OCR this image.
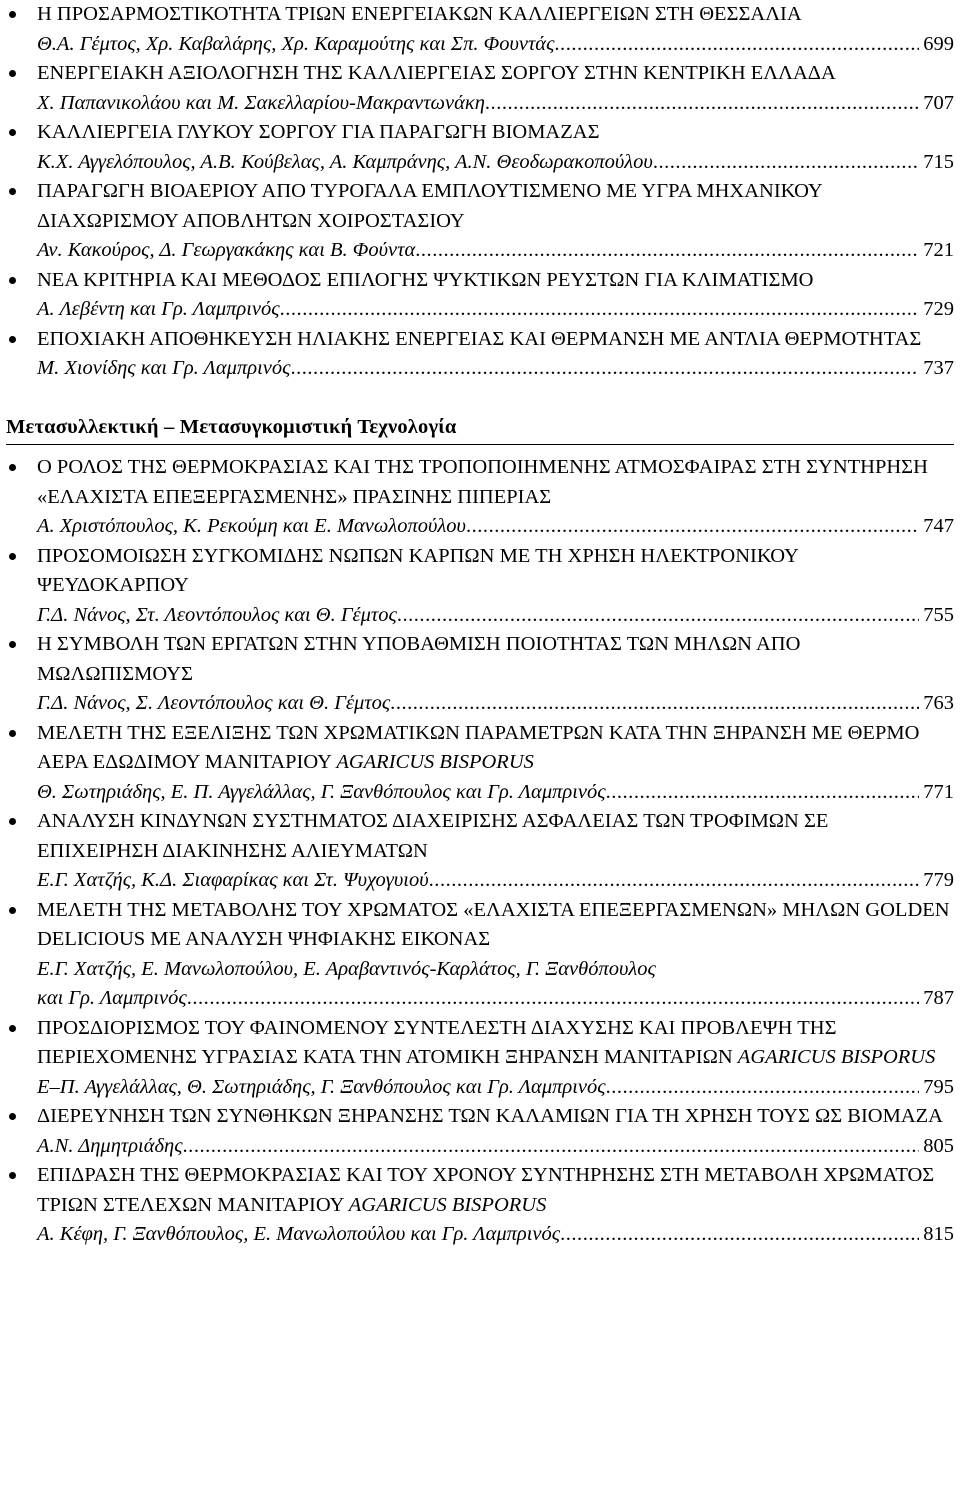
Η ΠΡΟΣΑΡΜΟΣΤΙΚΟΤΗΤΑ ΤΡΙΩΝ ΕΝΕΡΓΕΙΑΚΩΝ ΚΑΛΛΙΕΡΓΕΙΩΝ ΣΤΗ ΘΕΣΣΑΛΙΑ
Θ.Α. Γέμτος, Χρ. Καβαλάρης, Χρ. Καραμούτης και Σπ. Φουντάς . . .	699
ΕΝΕΡΓΕΙΑΚΗ ΑΞΙΟΛΟΓΗΣΗ ΤΗΣ ΚΑΛΛΙΕΡΓΕΙΑΣ ΣΟΡΓΟΥ ΣΤΗΝ ΚΕΝΤΡΙΚΗ ΕΛΛΑΔΑ
Χ. Παπανικολάου και Μ. Σακελλαρίου-Μακραντωνάκη . . .	707
ΚΑΛΛΙΕΡΓΕΙΑ ΓΛΥΚΟΥ ΣΟΡΓΟΥ ΓΙΑ ΠΑΡΑΓΩΓΗ ΒΙΟΜΑΖΑΣ
Κ.Χ. Αγγελόπουλος, Α.Β. Κούβελας, Α. Καμπράνης, Α.Ν. Θεοδωρακοπούλου . . .	715
ΠΑΡΑΓΩΓΗ ΒΙΟΑΕΡΙΟΥ ΑΠΟ ΤΥΡΟΓΑΛΑ ΕΜΠΛΟΥΤΙΣΜΕΝΟ ΜΕ ΥΓΡΑ ΜΗΧΑΝΙΚΟΥ ΔΙΑΧΩΡΙΣΜΟΥ ΑΠΟΒΛΗΤΩΝ ΧΟΙΡΟΣΤΑΣΙΟΥ
Αν. Κακούρος, Δ. Γεωργακάκης και Β. Φούντα . . .	721
ΝΕΑ ΚΡΙΤΗΡΙΑ ΚΑΙ ΜΕΘΟΔΟΣ ΕΠΙΛΟΓΗΣ ΨΥΚΤΙΚΩΝ ΡΕΥΣΤΩΝ ΓΙΑ ΚΛΙΜΑΤΙΣΜΟ
Α. Λεβέντη και Γρ. Λαμπρινός . . .	729
ΕΠΟΧΙΑΚΗ ΑΠΟΘΗΚΕΥΣΗ ΗΛΙΑΚΗΣ ΕΝΕΡΓΕΙΑΣ ΚΑΙ ΘΕΡΜΑΝΣΗ ΜΕ ΑΝΤΛΙΑ ΘΕΡΜΟΤΗΤΑΣ
Μ. Χιονίδης και Γρ. Λαμπρινός . . .	737
Μετασυλλεκτική – Μετασυγκομιστική Τεχνολογία
Ο ΡΟΛΟΣ ΤΗΣ ΘΕΡΜΟΚΡΑΣΙΑΣ ΚΑΙ ΤΗΣ ΤΡΟΠΟΠΟΙΗΜΕΝΗΣ ΑΤΜΟΣΦΑΙΡΑΣ ΣΤΗ ΣΥΝΤΗΡΗΣΗ «ΕΛΑΧΙΣΤΑ ΕΠΕΞΕΡΓΑΣΜΕΝΗΣ» ΠΡΑΣΙΝΗΣ ΠΙΠΕΡΙΑΣ
Α. Χριστόπουλος, Κ. Ρεκούμη και Ε. Μανωλοπούλου . . .	747
ΠΡΟΣΟΜΟΙΩΣΗ ΣΥΓΚΟΜΙΔΗΣ ΝΩΠΩΝ ΚΑΡΠΩΝ ΜΕ ΤΗ ΧΡΗΣΗ ΗΛΕΚΤΡΟΝΙΚΟΥ ΨΕΥΔΟΚΑΡΠΟΥ
Γ.Δ. Νάνος, Στ. Λεοντόπουλος και Θ. Γέμτος . . .	755
Η ΣΥΜΒΟΛΗ ΤΩΝ ΕΡΓΑΤΩΝ ΣΤΗΝ ΥΠΟΒΑΘΜΙΣΗ ΠΟΙΟΤΗΤΑΣ ΤΩΝ ΜΗΛΩΝ ΑΠΟ ΜΩΛΩΠΙΣΜΟΥΣ
Γ.Δ. Νάνος, Σ. Λεοντόπουλος και Θ. Γέμτος . . .	763
ΜΕΛΕΤΗ ΤΗΣ ΕΞΕΛΙΞΗΣ ΤΩΝ ΧΡΩΜΑΤΙΚΩΝ ΠΑΡΑΜΕΤΡΩΝ ΚΑΤΑ ΤΗΝ ΞΗΡΑΝΣΗ ΜΕ ΘΕΡΜΟ ΑΕΡΑ ΕΔΩΔΙΜΟΥ ΜΑΝΙΤΑΡΙΟΥ AGARICUS BISPORUS
Θ. Σωτηριάδης, Ε. Π. Αγγελάλλας, Γ. Ξανθόπουλος και Γρ. Λαμπρινός . . .	771
ΑΝΑΛΥΣΗ ΚΙΝΔΥΝΩΝ ΣΥΣΤΗΜΑΤΟΣ ΔΙΑΧΕΙΡΙΣΗΣ ΑΣΦΑΛΕΙΑΣ ΤΩΝ ΤΡΟΦΙΜΩΝ ΣΕ ΕΠΙΧΕΙΡΗΣΗ ΔΙΑΚΙΝΗΣΗΣ ΑΛΙΕΥΜΑΤΩΝ
Ε.Γ. Χατζής, Κ.Δ. Σιαφαρίκας και Στ. Ψυχογυιού . . .	779
ΜΕΛΕΤΗ ΤΗΣ ΜΕΤΑΒΟΛΗΣ ΤΟΥ ΧΡΩΜΑΤΟΣ «ΕΛΑΧΙΣΤΑ ΕΠΕΞΕΡΓΑΣΜΕΝΩΝ» ΜΗΛΩΝ GOLDEN DELICIOUS ΜΕ ΑΝΑΛΥΣΗ ΨΗΦΙΑΚΗΣ ΕΙΚΟΝΑΣ
Ε.Γ. Χατζής, Ε. Μανωλοπούλου, Ε. Αραβαντινός-Καρλάτος, Γ. Ξανθόπουλος
και Γρ. Λαμπρινός . . .	787
ΠΡΟΣΔΙΟΡΙΣΜΟΣ ΤΟΥ ΦΑΙΝΟΜΕΝΟΥ ΣΥΝΤΕΛΕΣΤΗ ΔΙΑΧΥΣΗΣ ΚΑΙ ΠΡΟΒΛΕΨΗ ΤΗΣ ΠΕΡΙΕΧΟΜΕΝΗΣ ΥΓΡΑΣΙΑΣ ΚΑΤΑ ΤΗΝ ΑΤΟΜΙΚΗ ΞΗΡΑΝΣΗ ΜΑΝΙΤΑΡΙΩΝ AGARICUS BISPORUS
Ε–Π. Αγγελάλλας, Θ. Σωτηριάδης, Γ. Ξανθόπουλος και Γρ. Λαμπρινός . . .	795
ΔΙΕΡΕΥΝΗΣΗ ΤΩΝ ΣΥΝΘΗΚΩΝ ΞΗΡΑΝΣΗΣ ΤΩΝ ΚΑΛΑΜΙΩΝ ΓΙΑ ΤΗ ΧΡΗΣΗ ΤΟΥΣ ΩΣ ΒΙΟΜΑΖΑ
Α.Ν. Δημητριάδης . . .	805
ΕΠΙΔΡΑΣΗ ΤΗΣ ΘΕΡΜΟΚΡΑΣΙΑΣ ΚΑΙ ΤΟΥ ΧΡΟΝΟΥ ΣΥΝΤΗΡΗΣΗΣ ΣΤΗ ΜΕΤΑΒΟΛΗ ΧΡΩΜΑΤΟΣ ΤΡΙΩΝ ΣΤΕΛΕΧΩΝ ΜΑΝΙΤΑΡΙΟΥ AGARICUS BISPORUS
Α. Κέφη, Γ. Ξανθόπουλος, Ε. Μανωλοπούλου και Γρ. Λαμπρινός . . .	815
